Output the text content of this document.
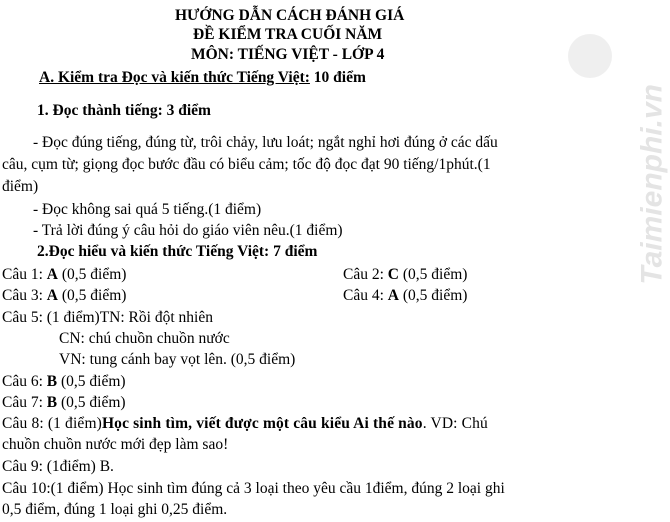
Taimienphi.vn
HƯỚNG DẪN CÁCH ĐÁNH GIÁ
ĐỀ KIỂM TRA CUỐI NĂM
MÔN: TIẾNG VIỆT - LỚP 4
A. Kiểm tra Đọc và kiến thức Tiếng Việt: 10 điểm
1. Đọc thành tiếng: 3 điểm
- Đọc đúng tiếng, đúng từ, trôi chảy, lưu loát; ngắt nghỉ hơi đúng ở các dấu
câu, cụm từ; giọng đọc bước đầu có biểu cảm; tốc độ đọc đạt 90 tiếng/1phút.(1
điểm)
- Đọc không sai quá 5 tiếng.(1 điểm)
- Trả lời đúng ý câu hỏi do giáo viên nêu.(1 điểm)
2.Đọc hiểu và kiến thức Tiếng Việt: 7 điểm
Câu 1: A (0,5 điểm)	Câu 2: C (0,5 điểm)
Câu 3: A (0,5 điểm)	Câu 4: A (0,5 điểm)
Câu 5: (1 điểm)TN: Rồi đột nhiên
CN: chú chuồn chuồn nước
VN: tung cánh bay vọt lên. (0,5 điểm)
Câu 6: B (0,5 điểm)
Câu 7: B (0,5 điểm)
Câu 8: (1 điểm)Học sinh tìm, viết được một câu kiểu Ai thế nào. VD: Chú
chuồn chuồn nước mới đẹp làm sao!
Câu 9: (1điểm) B.
Câu 10:(1 điểm) Học sinh tìm đúng cả 3 loại theo yêu cầu 1điểm, đúng 2 loại ghi
0,5 điểm, đúng 1 loại ghi 0,25 điểm.
